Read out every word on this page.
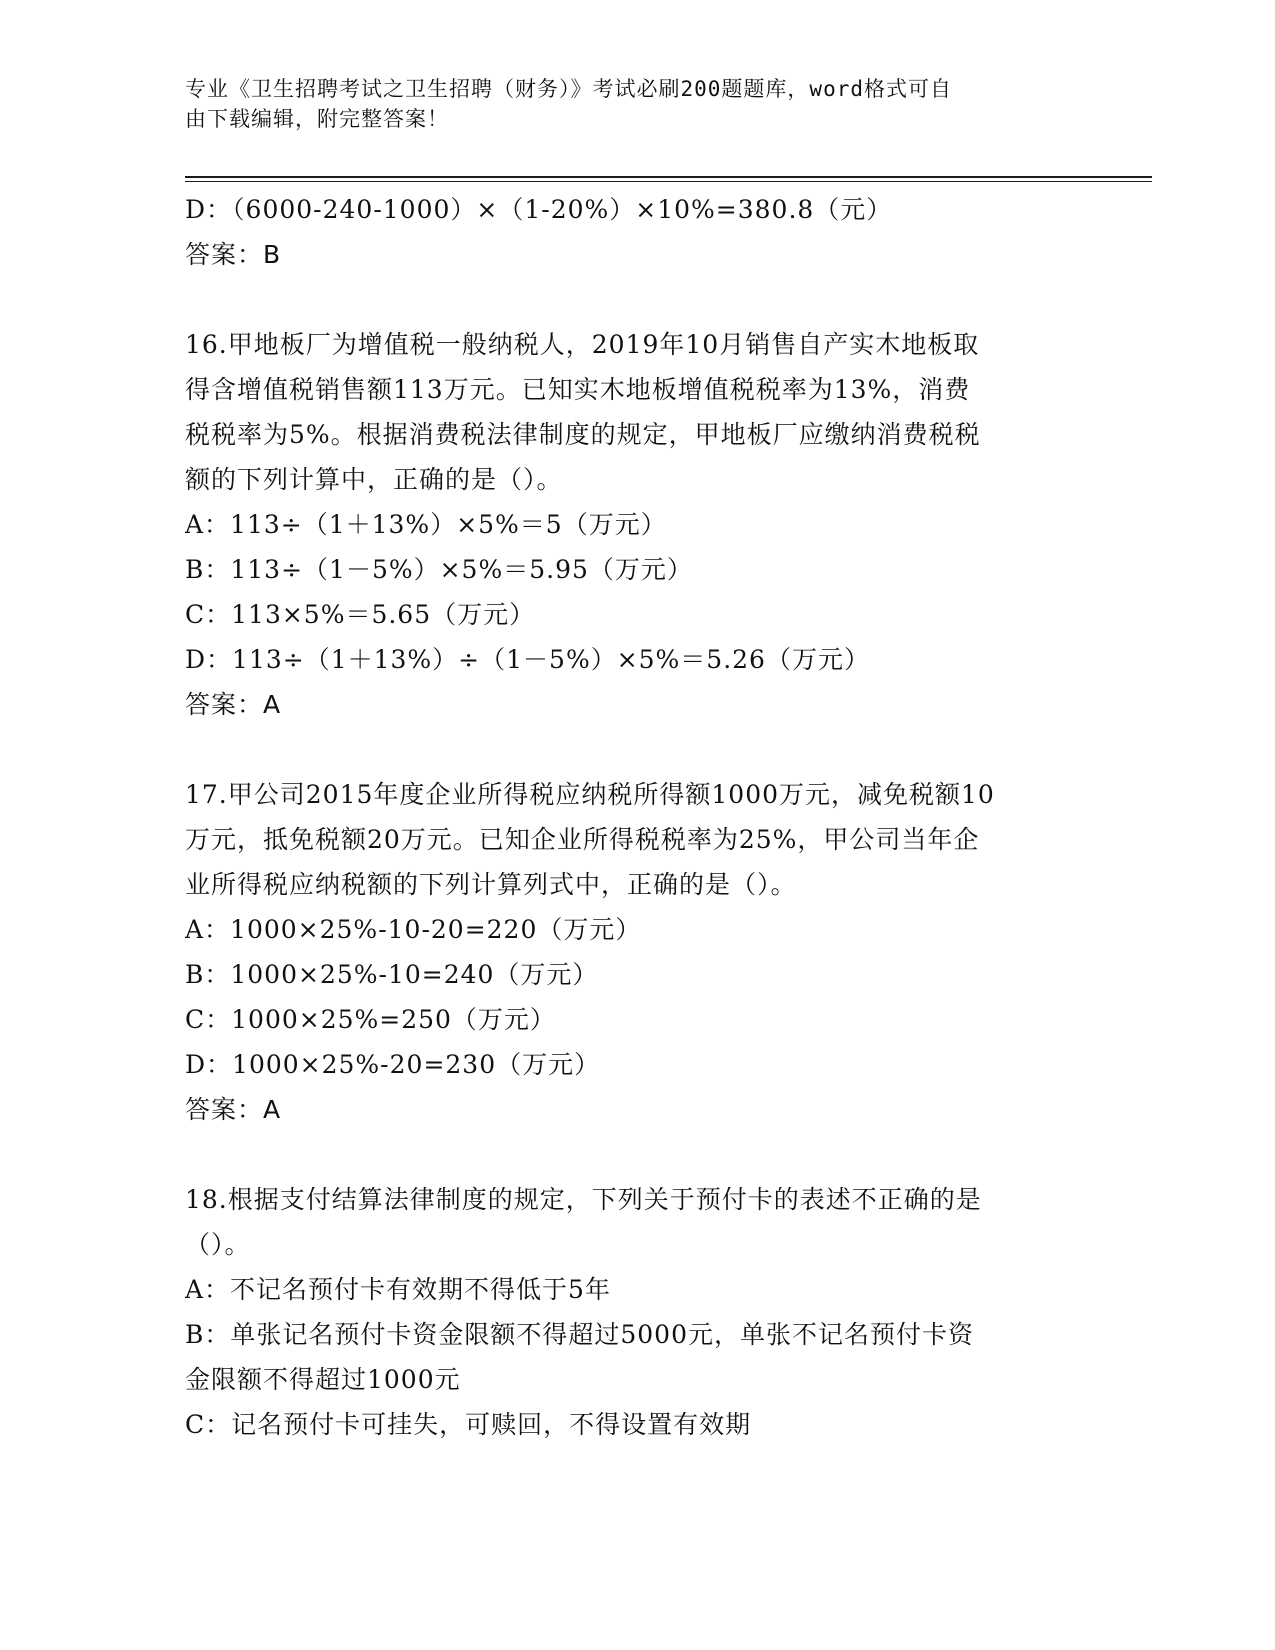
专业《卫生招聘考试之卫生招聘（财务）》考试必刷200题题库，word格式可自
由下载编辑，附完整答案！
D：（6000-240-1000）×（1-20%）×10%=380.8（元）
答案：B
16.甲地板厂为增值税一般纳税人，2019年10月销售自产实木地板取
得含增值税销售额113万元。已知实木地板增值税税率为13%，消费
税税率为5%。根据消费税法律制度的规定，甲地板厂应缴纳消费税税
额的下列计算中，正确的是（）。
A：113÷（1＋13%）×5%＝5（万元）
B：113÷（1－5%）×5%＝5.95（万元）
C：113×5%＝5.65（万元）
D：113÷（1＋13%）÷（1－5%）×5%＝5.26（万元）
答案：A
17.甲公司2015年度企业所得税应纳税所得额1000万元，减免税额10
万元，抵免税额20万元。已知企业所得税税率为25%，甲公司当年企
业所得税应纳税额的下列计算列式中，正确的是（）。
A：1000×25%-10-20=220（万元）
B：1000×25%-10=240（万元）
C：1000×25%=250（万元）
D：1000×25%-20=230（万元）
答案：A
18.根据支付结算法律制度的规定，下列关于预付卡的表述不正确的是
（）。
A：不记名预付卡有效期不得低于5年
B：单张记名预付卡资金限额不得超过5000元，单张不记名预付卡资
金限额不得超过1000元
C：记名预付卡可挂失，可赎回，不得设置有效期
